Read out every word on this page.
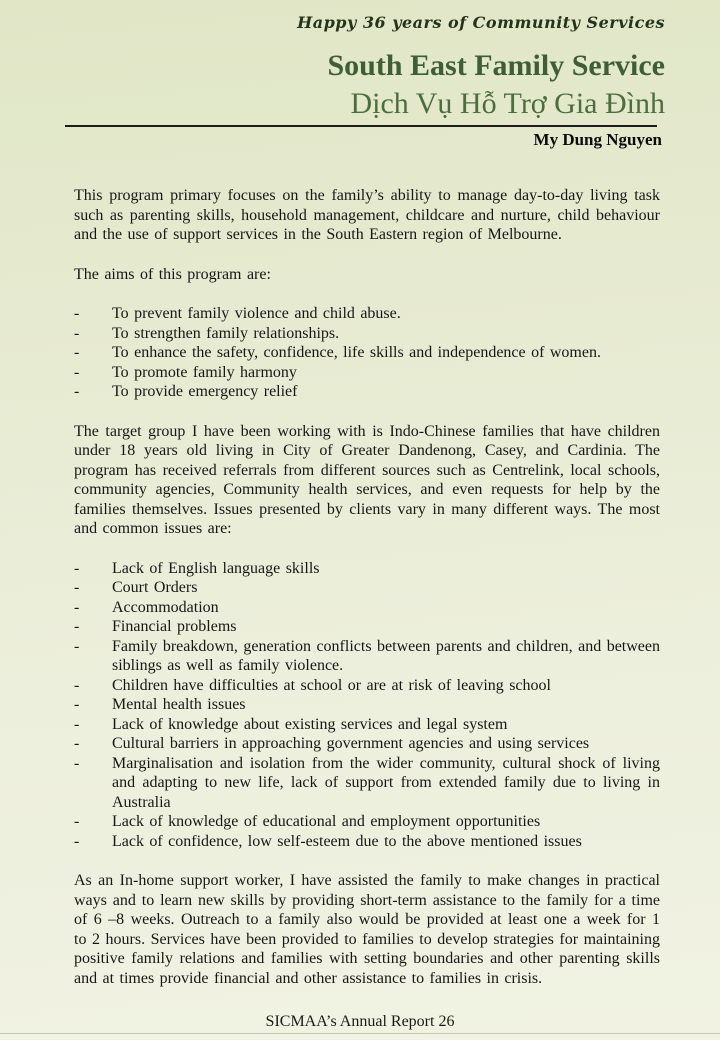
Happy 36 years of Community Services
South East Family Service
Dịch Vụ Hỗ Trợ Gia Đình
My Dung Nguyen

This program primary focuses on the family’s ability to manage day-to-day living task such as parenting skills, household management, childcare and nurture, child behaviour and the use of support services in the South Eastern region of Melbourne.

The aims of this program are:

-	To prevent family violence and child abuse.
-	To strengthen family relationships.
-	To enhance the safety, confidence, life skills and independence of women.
-	To promote family harmony
-	To provide emergency relief

The target group I have been working with is Indo-Chinese families that have children under 18 years old living in City of Greater Dandenong, Casey, and Cardinia. The program has received referrals from different sources such as Centrelink, local schools, community agencies, Community health services, and even requests for help by the families themselves. Issues presented by clients vary in many different ways. The most and common issues are:

-	Lack of English language skills
-	Court Orders
-	Accommodation
-	Financial problems
-	Family breakdown, generation conflicts between parents and children, and between siblings as well as family violence.
-	Children have difficulties at school or are at risk of leaving school
-	Mental health issues
-	Lack of knowledge about existing services and legal system
-	Cultural barriers in approaching government agencies and using services
-	Marginalisation and isolation from the wider community, cultural shock of living and adapting to new life, lack of support from extended family due to living in Australia
-	Lack of knowledge of educational and employment opportunities
-	Lack of confidence, low self-esteem due to the above mentioned issues

As an In-home support worker, I have assisted the family to make changes in practical ways and to learn new skills by providing short-term assistance to the family for a time of 6 –8 weeks. Outreach to a family also would be provided at least one a week for 1 to 2 hours. Services have been provided to families to develop strategies for maintaining positive family relations and families with setting boundaries and other parenting skills and at times provide financial and other assistance to families in crisis.

SICMAA’s Annual Report 26
